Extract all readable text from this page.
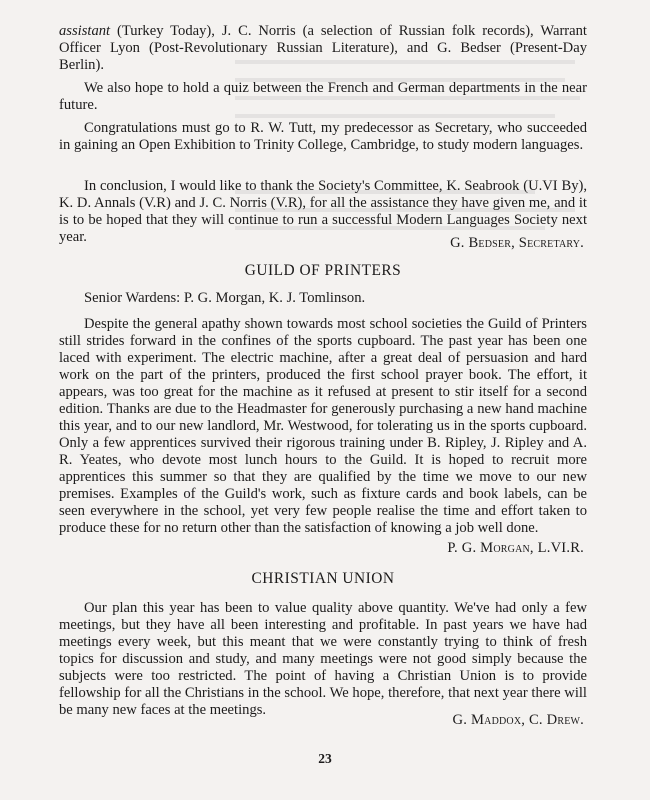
assistant (Turkey Today), J. C. Norris (a selection of Russian folk records), Warrant Officer Lyon (Post-Revolutionary Russian Literature), and G. Bedser (Present-Day Berlin).

We also hope to hold a quiz between the French and German departments in the near future.

Congratulations must go to R. W. Tutt, my predecessor as Secretary, who succeeded in gaining an Open Exhibition to Trinity College, Cambridge, to study modern languages.

In conclusion, I would like to thank the Society's Committee, K. Seabrook (U.VI By), K. D. Annals (V.R) and J. C. Norris (V.R), for all the assistance they have given me, and it is to be hoped that they will continue to run a successful Modern Languages Society next year.	G. Bedser, Secretary.
GUILD OF PRINTERS

Senior Wardens: P. G. Morgan, K. J. Tomlinson.

Despite the general apathy shown towards most school societies the Guild of Printers still strides forward in the confines of the sports cupboard. The past year has been one laced with experiment. The electric machine, after a great deal of persuasion and hard work on the part of the printers, produced the first school prayer book. The effort, it appears, was too great for the machine as it refused at present to stir itself for a second edition. Thanks are due to the Headmaster for generously purchasing a new hand machine this year, and to our new landlord, Mr. Westwood, for tolerating us in the sports cupboard. Only a few apprentices survived their rigorous training under B. Ripley, J. Ripley and A. R. Yeates, who devote most lunch hours to the Guild. It is hoped to recruit more apprentices this summer so that they are qualified by the time we move to our new premises. Examples of the Guild's work, such as fixture cards and book labels, can be seen everywhere in the school, yet very few people realise the time and effort taken to produce these for no return other than the satisfaction of knowing a job well done.

P. G. Morgan, L.VI.R.
CHRISTIAN UNION

Our plan this year has been to value quality above quantity. We've had only a few meetings, but they have all been interesting and profitable. In past years we have had meetings every week, but this meant that we were constantly trying to think of fresh topics for discussion and study, and many meetings were not good simply because the subjects were too restricted. The point of having a Christian Union is to provide fellowship for all the Christians in the school. We hope, therefore, that next year there will be many new faces at the meetings.

G. Maddox, C. Drew.
23
